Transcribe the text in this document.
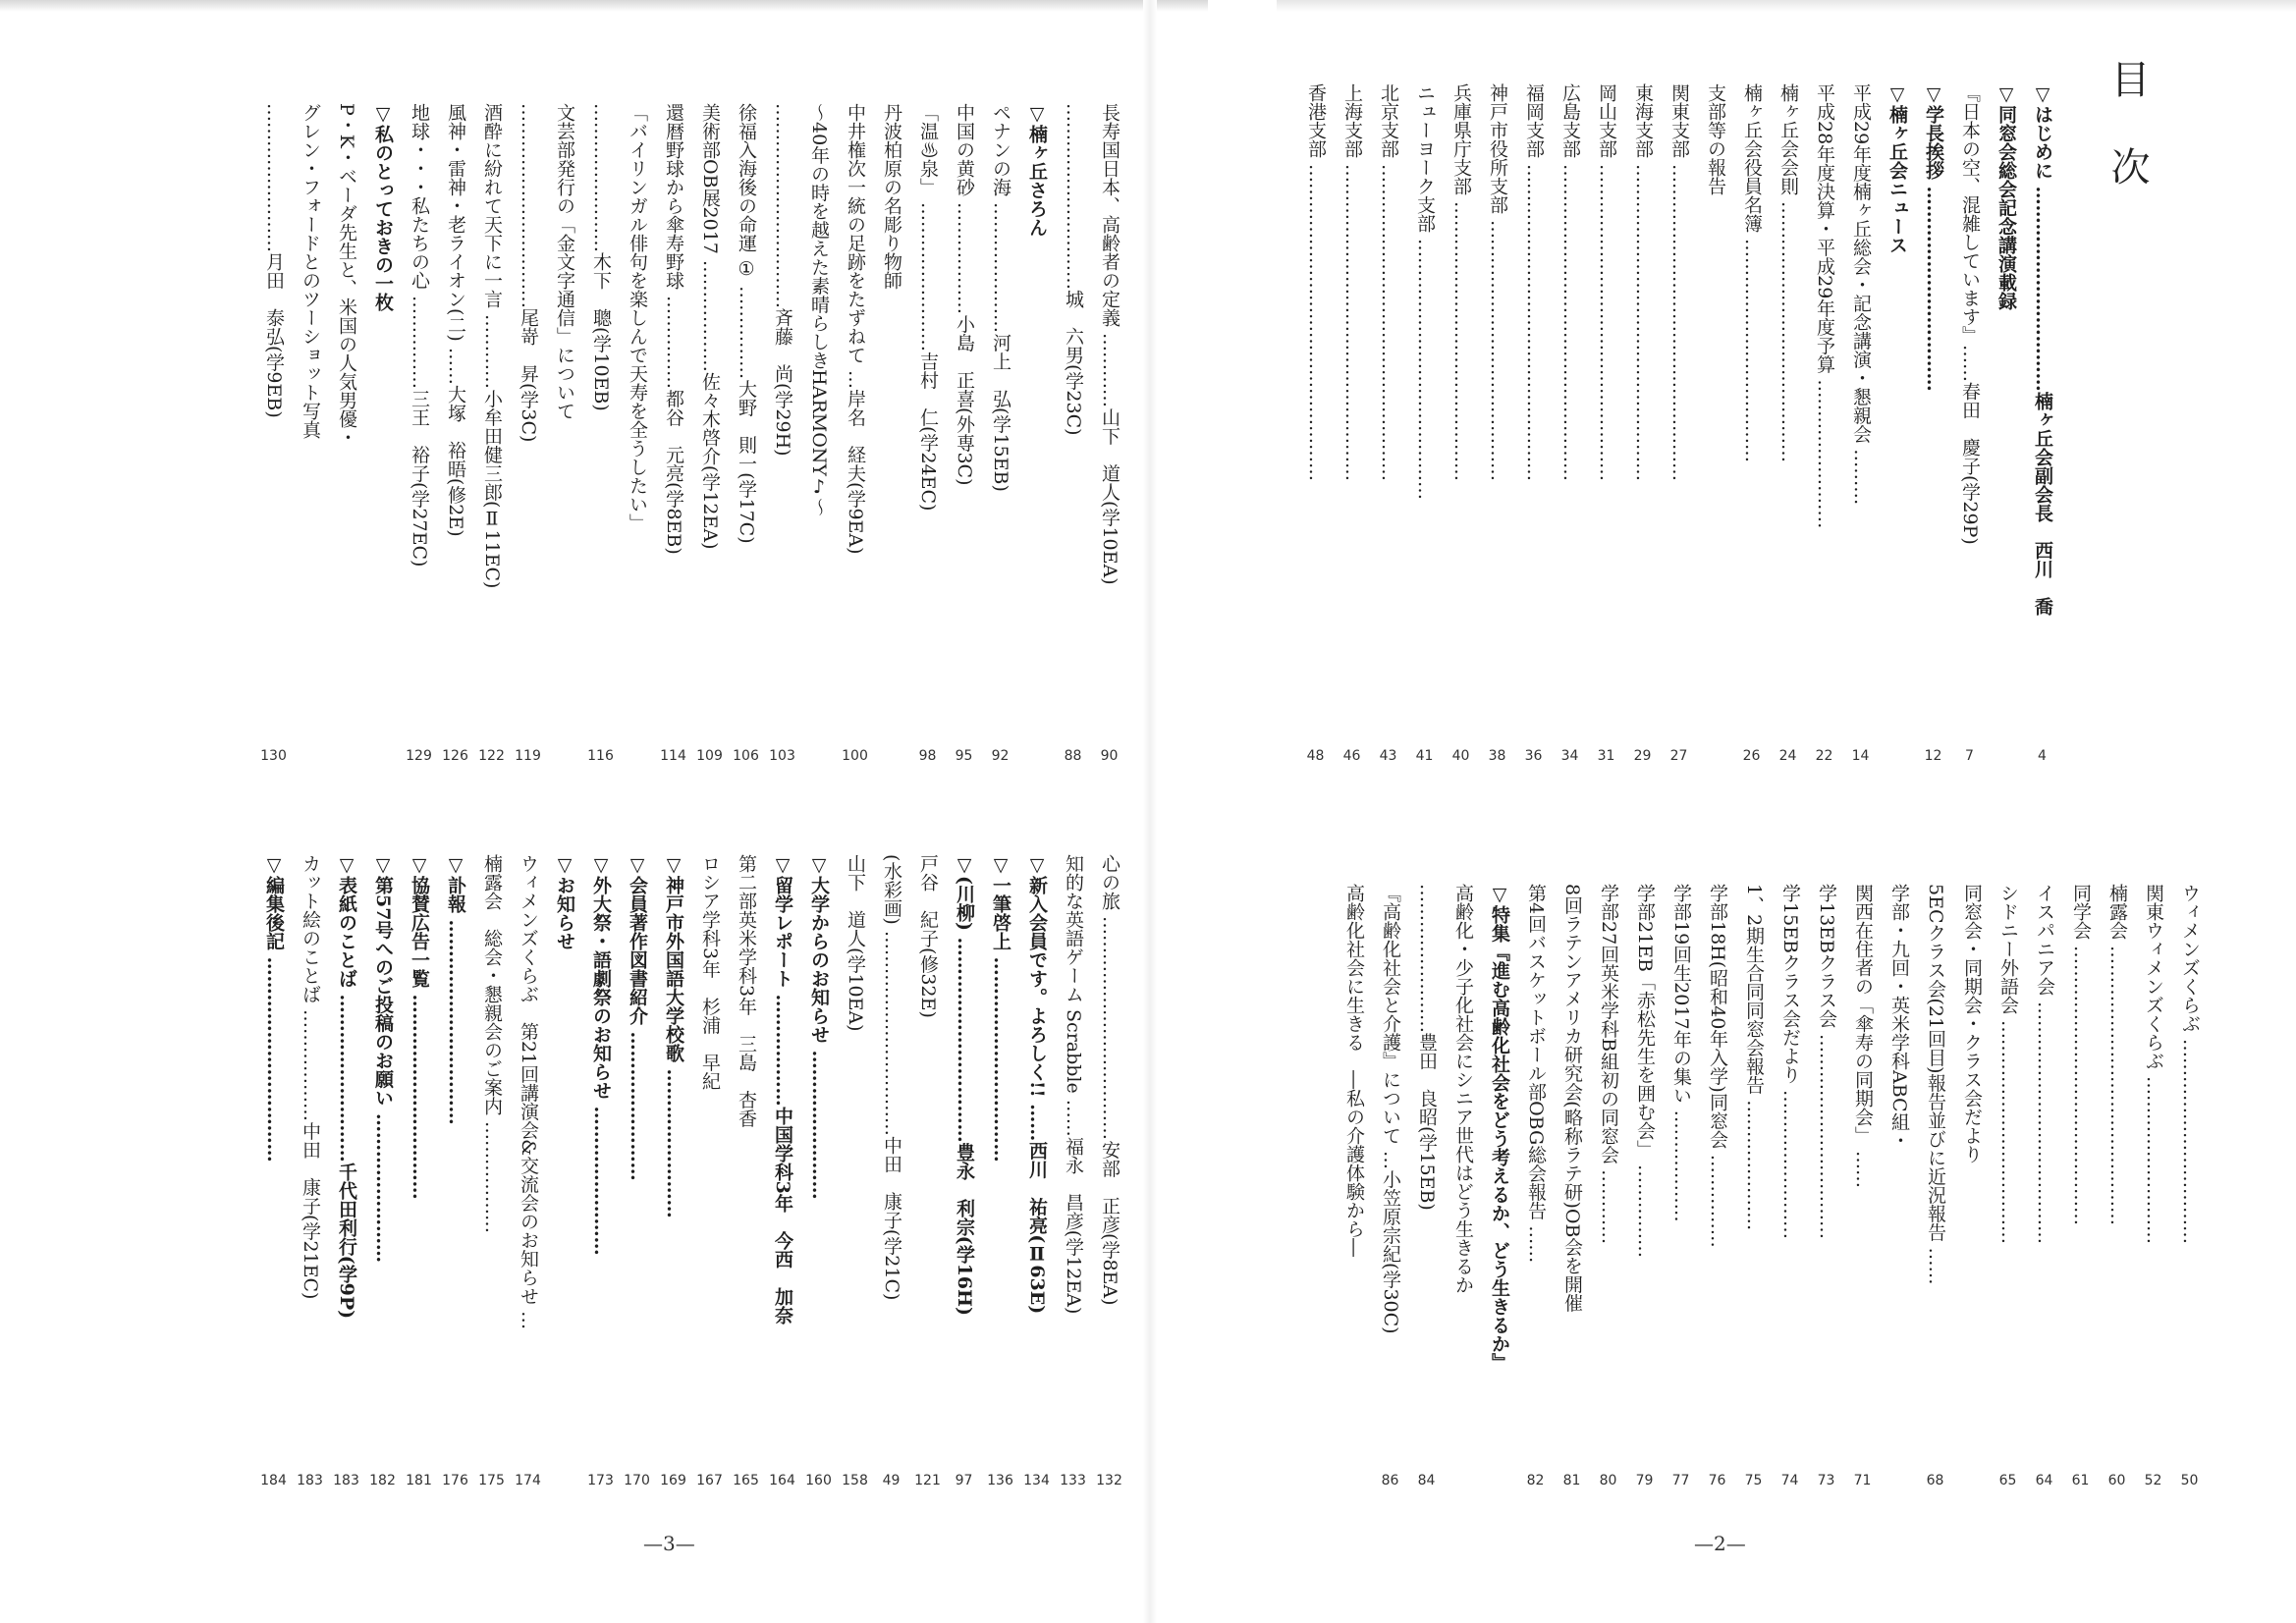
目 次
▽はじめに ……………………………楠ヶ丘会副会長　西川　喬
▽同窓会総会記念講演載録
『日本の空、混雑しています』……春田　慶子(学29P)
▽学長挨拶 ……………………………
▽楠ヶ丘会ニュース
平成29年度楠ヶ丘総会・記念講演・懇親会 ………
平成28年度決算・平成29年度予算 ……………………
楠ヶ丘会会則 ……………………………………
楠ヶ丘会役員名簿 ………………………………
支部等の報告
関東支部 ……………………………………………
東海支部 ……………………………………………
岡山支部 ……………………………………………
広島支部 ……………………………………………
福岡支部 ……………………………………………
神戸市役所支部 ……………………………………
兵庫県庁支部 ………………………………………
ニューヨーク支部 ……………………………………
北京支部 ……………………………………………
上海支部 ……………………………………………
香港支部 ……………………………………………
4
7
12
14
22
24
26
27
29
31
34
36
38
40
41
43
46
48
ウィメンズくらぶ ……………………………
関東ウィメンズくらぶ ………………………
楠露会 ………………………………………
同学会 ………………………………………
イスパニア会 …………………………………
シドニー外語会 ………………………………
同窓会・同期会・クラス会だより
5ECクラス会(21回目)報告並びに近況報告 ……
学部・九回・英米学科ABC組・
関西在住者の「傘寿の同期会」 ……
学13EBクラス会 ……………………………
学15EBクラス会だより ……………………
1、2期生合同同窓会報告 …………………
学部18H(昭和40年入学)同窓会 ……………
学部19回生2017年の集い ………………
学部21EB「赤松先生を囲む会」 ……………
学部27回英米学科B組初の同窓会 …………
8回ラテンアメリカ研究会(略称ラテ研)OB会を開催
第4回バスケットボール部OBG総会報告 ……
▽特集『進む高齢化社会をどう考えるか、どう生きるか』
高齢化・少子化社会にシニア世代はどう生きるか
……………………豊田　良昭(学15EB)
『高齢化社会と介護』について …小笠原宗紀(学30C)
高齢化社会に生きる　―私の介護体験から―
50
52
60
61
64
65
68
71
73
74
75
76
77
79
80
81
82
84
86
長寿国日本、高齢者の定義 …………山下　道人(学10EA)
…………………………城　六男(学23C)
▽楠ヶ丘さろん
ペナンの海 …………………河上　弘(学15EB)
中国の黄砂 ………………小島　正喜(外専3C)
「温♨泉」 ……………………吉村　仁(学24EC)
丹波柏原の名彫り物師
中井権次一統の足跡をたずねて …岸名　経夫(学9EA)
〜40年の時を越えた素晴らしきHARMONY♪〜
……………………………斉藤　尚(学29H)
徐福入海後の命運 ① ……………大野　則一(学17C)
美術部OB展2017 ………………佐々木啓介(学12EA)
還暦野球から傘寿野球 ……………都谷　元亮(学8EB)
「バイリンガル俳句を楽しんで天寿を全うしたい」
……………………木下　聰(学10EB)
文芸部発行の「金文字通信」について
……………………………尾嵜　昇(学3C)
酒酔に紛れて天下に一言 …………小牟田健三郎(Ⅱ11EC)
風神・雷神・老ライオン(二) ……大塚　裕晤(修2E)
地球・・・私たちの心 ……………三王　裕子(学27EC)
▽私のとっておきの一枚
P・K・ベーダ先生と、米国の人気男優・
グレン・フォードとのツーショット写真
……………………月田　泰弘(学9EB)
90
88
92
95
98
100
103
106
109
114
116
119
122
126
129
130
心の旅 ………………………………安部　正彦(学8EA)
知的な英語ゲーム Scrabble ……福永　昌彦(学12EA)
▽新入会員です。よろしく!! ……西川　祐亮(Ⅱ63E)
▽一筆啓上 ……………………………
▽(川柳) ……………………………豊永　利宗(学16H)
戸谷　紀子(修32E)
(水彩画) ……………………………中田　康子(学21C)
山下　道人(学10EA)
▽大学からのお知らせ ……………………
▽留学レポート ………………中国学科3年　今西　加奈
第二部英米学科3年　三島　杏香
ロシア学科3年　杉浦　早紀
▽神戸市外国語大学校歌 ……………………
▽会員著作図書紹介 ……………………
▽外大祭・語劇祭のお知らせ ……………………
▽お知らせ
ウィメンズくらぶ　第21回講演会&交流会のお知らせ …
楠露会　総会・懇親会のご案内 ………………
▽訃報 ……………………………
▽協賛広告一覧 ……………………………
▽第57号へのご投稿のお願い ……………………
▽表紙のことば ………………………千代田利行(学9P)
カット絵のことば ………………中田　康子(学21EC)
▽編集後記 ……………………………
132
133
134
136
97
121
49
158
160
164
165
167
169
170
173
174
175
176
181
182
183
183
184
—3—	—2—
